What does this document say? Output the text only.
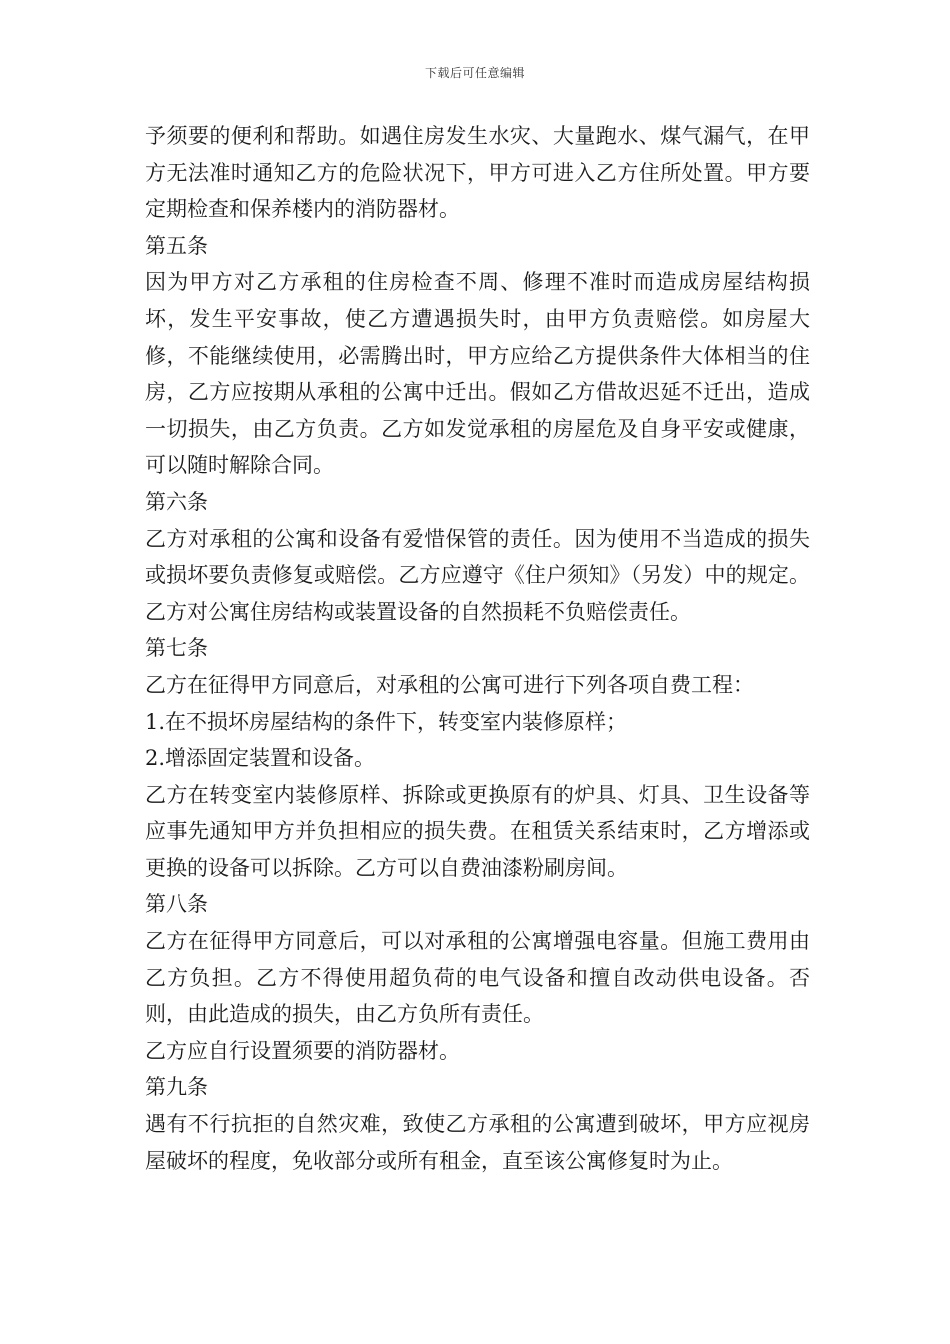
下载后可任意编辑

予须要的便利和帮助。如遇住房发生水灾、大量跑水、煤气漏气，在甲方无法准时通知乙方的危险状况下，甲方可进入乙方住所处置。甲方要定期检查和保养楼内的消防器材。

第五条

因为甲方对乙方承租的住房检查不周、修理不准时而造成房屋结构损坏，发生平安事故，使乙方遭遇损失时，由甲方负责赔偿。如房屋大修，不能继续使用，必需腾出时，甲方应给乙方提供条件大体相当的住房，乙方应按期从承租的公寓中迁出。假如乙方借故迟延不迁出，造成一切损失，由乙方负责。乙方如发觉承租的房屋危及自身平安或健康，可以随时解除合同。

第六条

乙方对承租的公寓和设备有爱惜保管的责任。因为使用不当造成的损失或损坏要负责修复或赔偿。乙方应遵守《住户须知》（另发）中的规定。乙方对公寓住房结构或装置设备的自然损耗不负赔偿责任。

第七条

乙方在征得甲方同意后，对承租的公寓可进行下列各项自费工程：

1.在不损坏房屋结构的条件下，转变室内装修原样；

2.增添固定装置和设备。

乙方在转变室内装修原样、拆除或更换原有的炉具、灯具、卫生设备等应事先通知甲方并负担相应的损失费。在租赁关系结束时，乙方增添或更换的设备可以拆除。乙方可以自费油漆粉刷房间。

第八条

乙方在征得甲方同意后，可以对承租的公寓增强电容量。但施工费用由乙方负担。乙方不得使用超负荷的电气设备和擅自改动供电设备。否则，由此造成的损失，由乙方负所有责任。

乙方应自行设置须要的消防器材。

第九条

遇有不行抗拒的自然灾难，致使乙方承租的公寓遭到破坏，甲方应视房屋破坏的程度，免收部分或所有租金，直至该公寓修复时为止。
